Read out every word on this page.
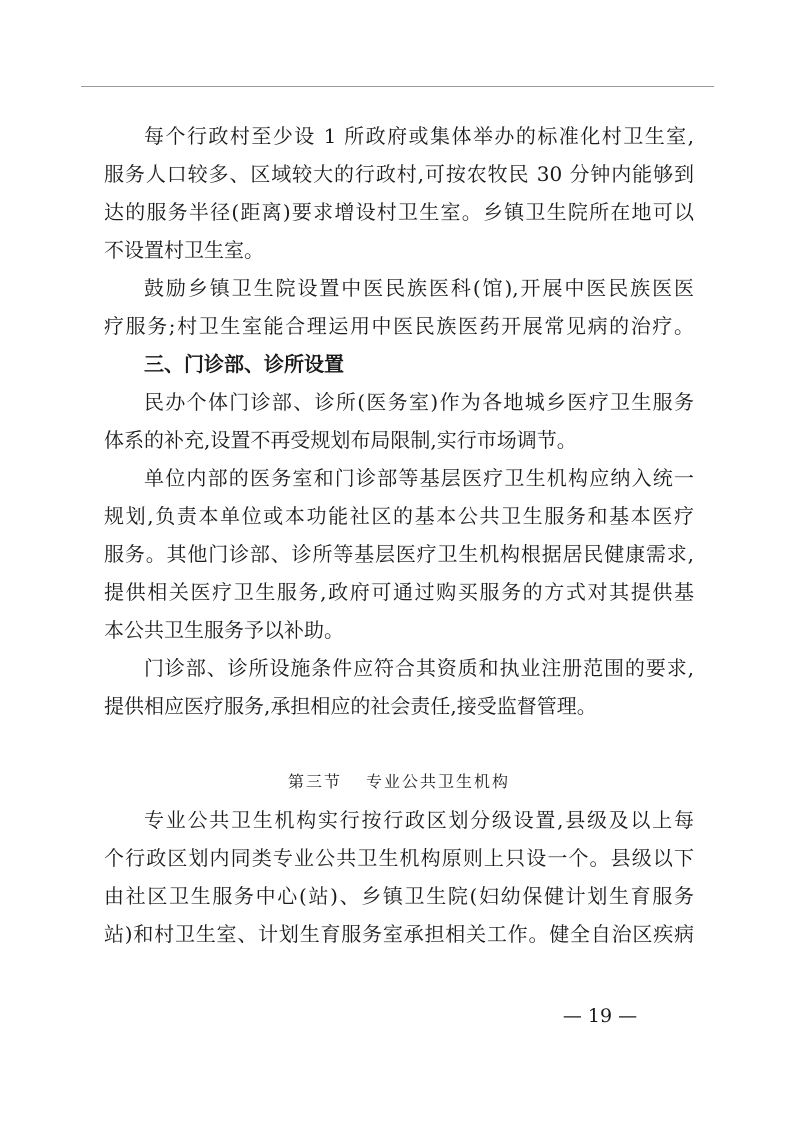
每个行政村至少设 1 所政府或集体举办的标准化村卫生室,
服务人口较多、区域较大的行政村,可按农牧民 30 分钟内能够到
达的服务半径(距离)要求增设村卫生室。乡镇卫生院所在地可以
不设置村卫生室。
鼓励乡镇卫生院设置中医民族医科(馆),开展中医民族医医
疗服务;村卫生室能合理运用中医民族医药开展常见病的治疗。
三、门诊部、诊所设置
民办个体门诊部、诊所(医务室)作为各地城乡医疗卫生服务
体系的补充,设置不再受规划布局限制,实行市场调节。
单位内部的医务室和门诊部等基层医疗卫生机构应纳入统一
规划,负责本单位或本功能社区的基本公共卫生服务和基本医疗
服务。其他门诊部、诊所等基层医疗卫生机构根据居民健康需求,
提供相关医疗卫生服务,政府可通过购买服务的方式对其提供基
本公共卫生服务予以补助。
门诊部、诊所设施条件应符合其资质和执业注册范围的要求,
提供相应医疗服务,承担相应的社会责任,接受监督管理。
第三节 专业公共卫生机构
专业公共卫生机构实行按行政区划分级设置,县级及以上每
个行政区划内同类专业公共卫生机构原则上只设一个。县级以下
由社区卫生服务中心(站)、乡镇卫生院(妇幼保健计划生育服务
站)和村卫生室、计划生育服务室承担相关工作。健全自治区疾病
— 19 —
